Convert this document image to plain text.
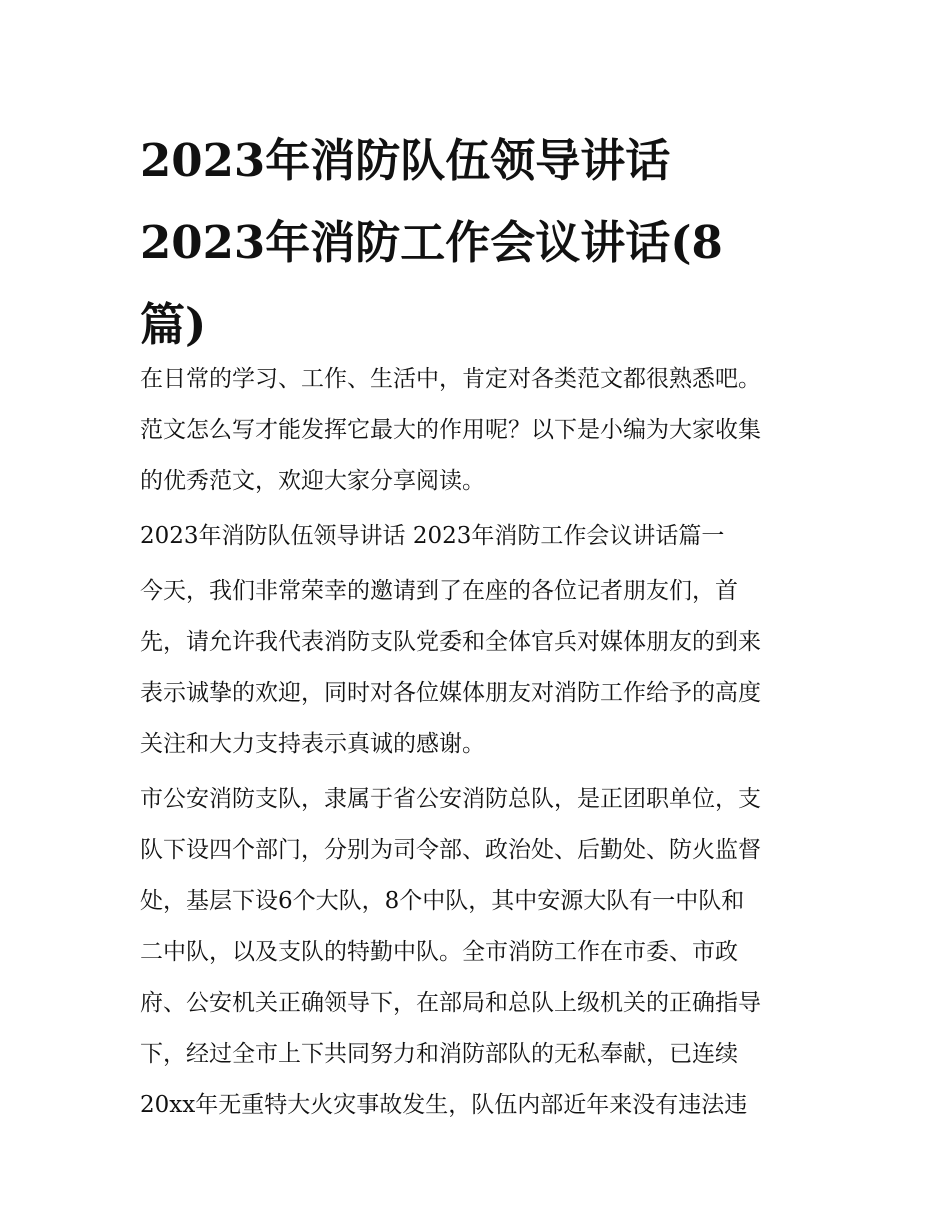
2023年消防队伍领导讲话
2023年消防工作会议讲话(8
篇)
在日常的学习、工作、生活中，肯定对各类范文都很熟悉吧。
范文怎么写才能发挥它最大的作用呢？以下是小编为大家收集
的优秀范文，欢迎大家分享阅读。
2023年消防队伍领导讲话 2023年消防工作会议讲话篇一
今天，我们非常荣幸的邀请到了在座的各位记者朋友们，首
先，请允许我代表消防支队党委和全体官兵对媒体朋友的到来
表示诚挚的欢迎，同时对各位媒体朋友对消防工作给予的高度
关注和大力支持表示真诚的感谢。
市公安消防支队，隶属于省公安消防总队，是正团职单位，支
队下设四个部门，分别为司令部、政治处、后勤处、防火监督
处，基层下设6个大队，8个中队，其中安源大队有一中队和
二中队，以及支队的特勤中队。全市消防工作在市委、市政
府、公安机关正确领导下，在部局和总队上级机关的正确指导
下，经过全市上下共同努力和消防部队的无私奉献，已连续
20xx年无重特大火灾事故发生，队伍内部近年来没有违法违
